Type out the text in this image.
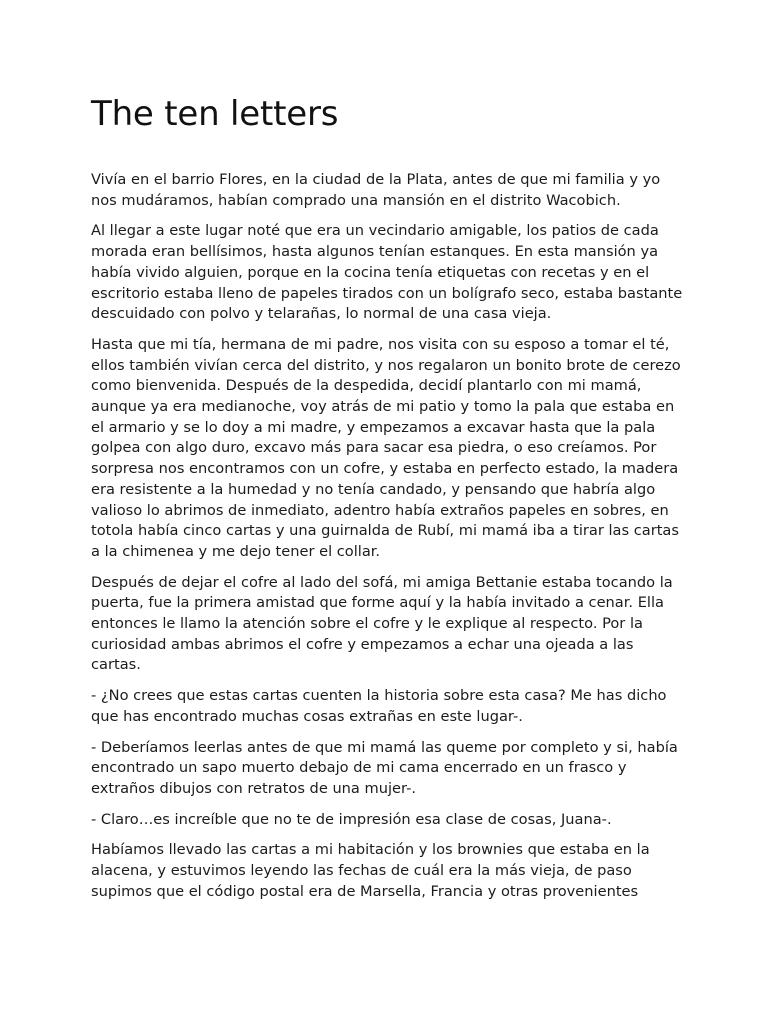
The ten letters

Vivía en el barrio Flores, en la ciudad de la Plata, antes de que mi familia y yo nos mudáramos, habían comprado una mansión en el distrito Wacobich.

Al llegar a este lugar noté que era un vecindario amigable, los patios de cada morada eran bellísimos, hasta algunos tenían estanques. En esta mansión ya había vivido alguien, porque en la cocina tenía etiquetas con recetas y en el escritorio estaba lleno de papeles tirados con un bolígrafo seco, estaba bastante descuidado con polvo y telarañas, lo normal de una casa vieja.

Hasta que mi tía, hermana de mi padre, nos visita con su esposo a tomar el té, ellos también vivían cerca del distrito, y nos regalaron un bonito brote de cerezo como bienvenida. Después de la despedida, decidí plantarlo con mi mamá, aunque ya era medianoche, voy atrás de mi patio y tomo la pala que estaba en el armario y se lo doy a mi madre, y empezamos a excavar hasta que la pala golpea con algo duro, excavo más para sacar esa piedra, o eso creíamos. Por sorpresa nos encontramos con un cofre, y estaba en perfecto estado, la madera era resistente a la humedad y no tenía candado, y pensando que habría algo valioso lo abrimos de inmediato, adentro había extraños papeles en sobres, en totola había cinco cartas y una guirnalda de Rubí, mi mamá iba a tirar las cartas a la chimenea y me dejo tener el collar.

Después de dejar el cofre al lado del sofá, mi amiga Bettanie estaba tocando la puerta, fue la primera amistad que forme aquí y la había invitado a cenar. Ella entonces le llamo la atención sobre el cofre y le explique al respecto. Por la curiosidad ambas abrimos el cofre y empezamos a echar una ojeada a las cartas.

- ¿No crees que estas cartas cuenten la historia sobre esta casa? Me has dicho que has encontrado muchas cosas extrañas en este lugar-.

- Deberíamos leerlas antes de que mi mamá las queme por completo y si, había encontrado un sapo muerto debajo de mi cama encerrado en un frasco y extraños dibujos con retratos de una mujer-.

- Claro…es increíble que no te de impresión esa clase de cosas, Juana-.

Habíamos llevado las cartas a mi habitación y los brownies que estaba en la alacena, y estuvimos leyendo las fechas de cuál era la más vieja, de paso supimos que el código postal era de Marsella, Francia y otras provenientes
